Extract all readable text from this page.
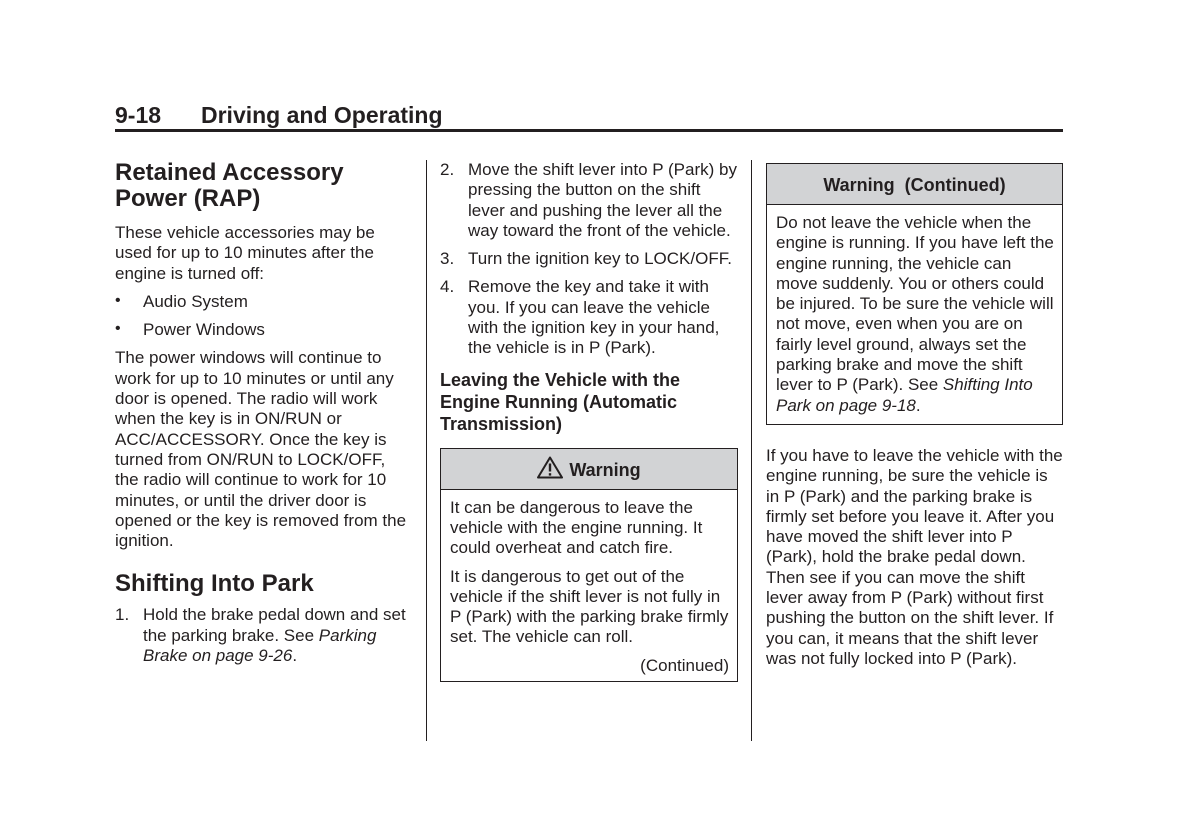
9-18 Driving and Operating
Retained Accessory Power (RAP)

These vehicle accessories may be used for up to 10 minutes after the engine is turned off:

• Audio System
• Power Windows

The power windows will continue to work for up to 10 minutes or until any door is opened. The radio will work when the key is in ON/RUN or ACC/ACCESSORY. Once the key is turned from ON/RUN to LOCK/OFF, the radio will continue to work for 10 minutes, or until the driver door is opened or the key is removed from the ignition.

Shifting Into Park
1. Hold the brake pedal down and set the parking brake. See Parking Brake on page 9-26.
2. Move the shift lever into P (Park) by pressing the button on the shift lever and pushing the lever all the way toward the front of the vehicle.
3. Turn the ignition key to LOCK/OFF.
4. Remove the key and take it with you. If you can leave the vehicle with the ignition key in your hand, the vehicle is in P (Park).
Leaving the Vehicle with the Engine Running (Automatic Transmission)
Warning

It can be dangerous to leave the vehicle with the engine running. It could overheat and catch fire.

It is dangerous to get out of the vehicle if the shift lever is not fully in P (Park) with the parking brake firmly set. The vehicle can roll.

(Continued)

Warning  (Continued)

Do not leave the vehicle when the engine is running. If you have left the engine running, the vehicle can move suddenly. You or others could be injured. To be sure the vehicle will not move, even when you are on fairly level ground, always set the parking brake and move the shift lever to P (Park). See Shifting Into Park on page 9-18.

If you have to leave the vehicle with the engine running, be sure the vehicle is in P (Park) and the parking brake is firmly set before you leave it. After you have moved the shift lever into P (Park), hold the brake pedal down. Then see if you can move the shift lever away from P (Park) without first pushing the button on the shift lever. If you can, it means that the shift lever was not fully locked into P (Park).
